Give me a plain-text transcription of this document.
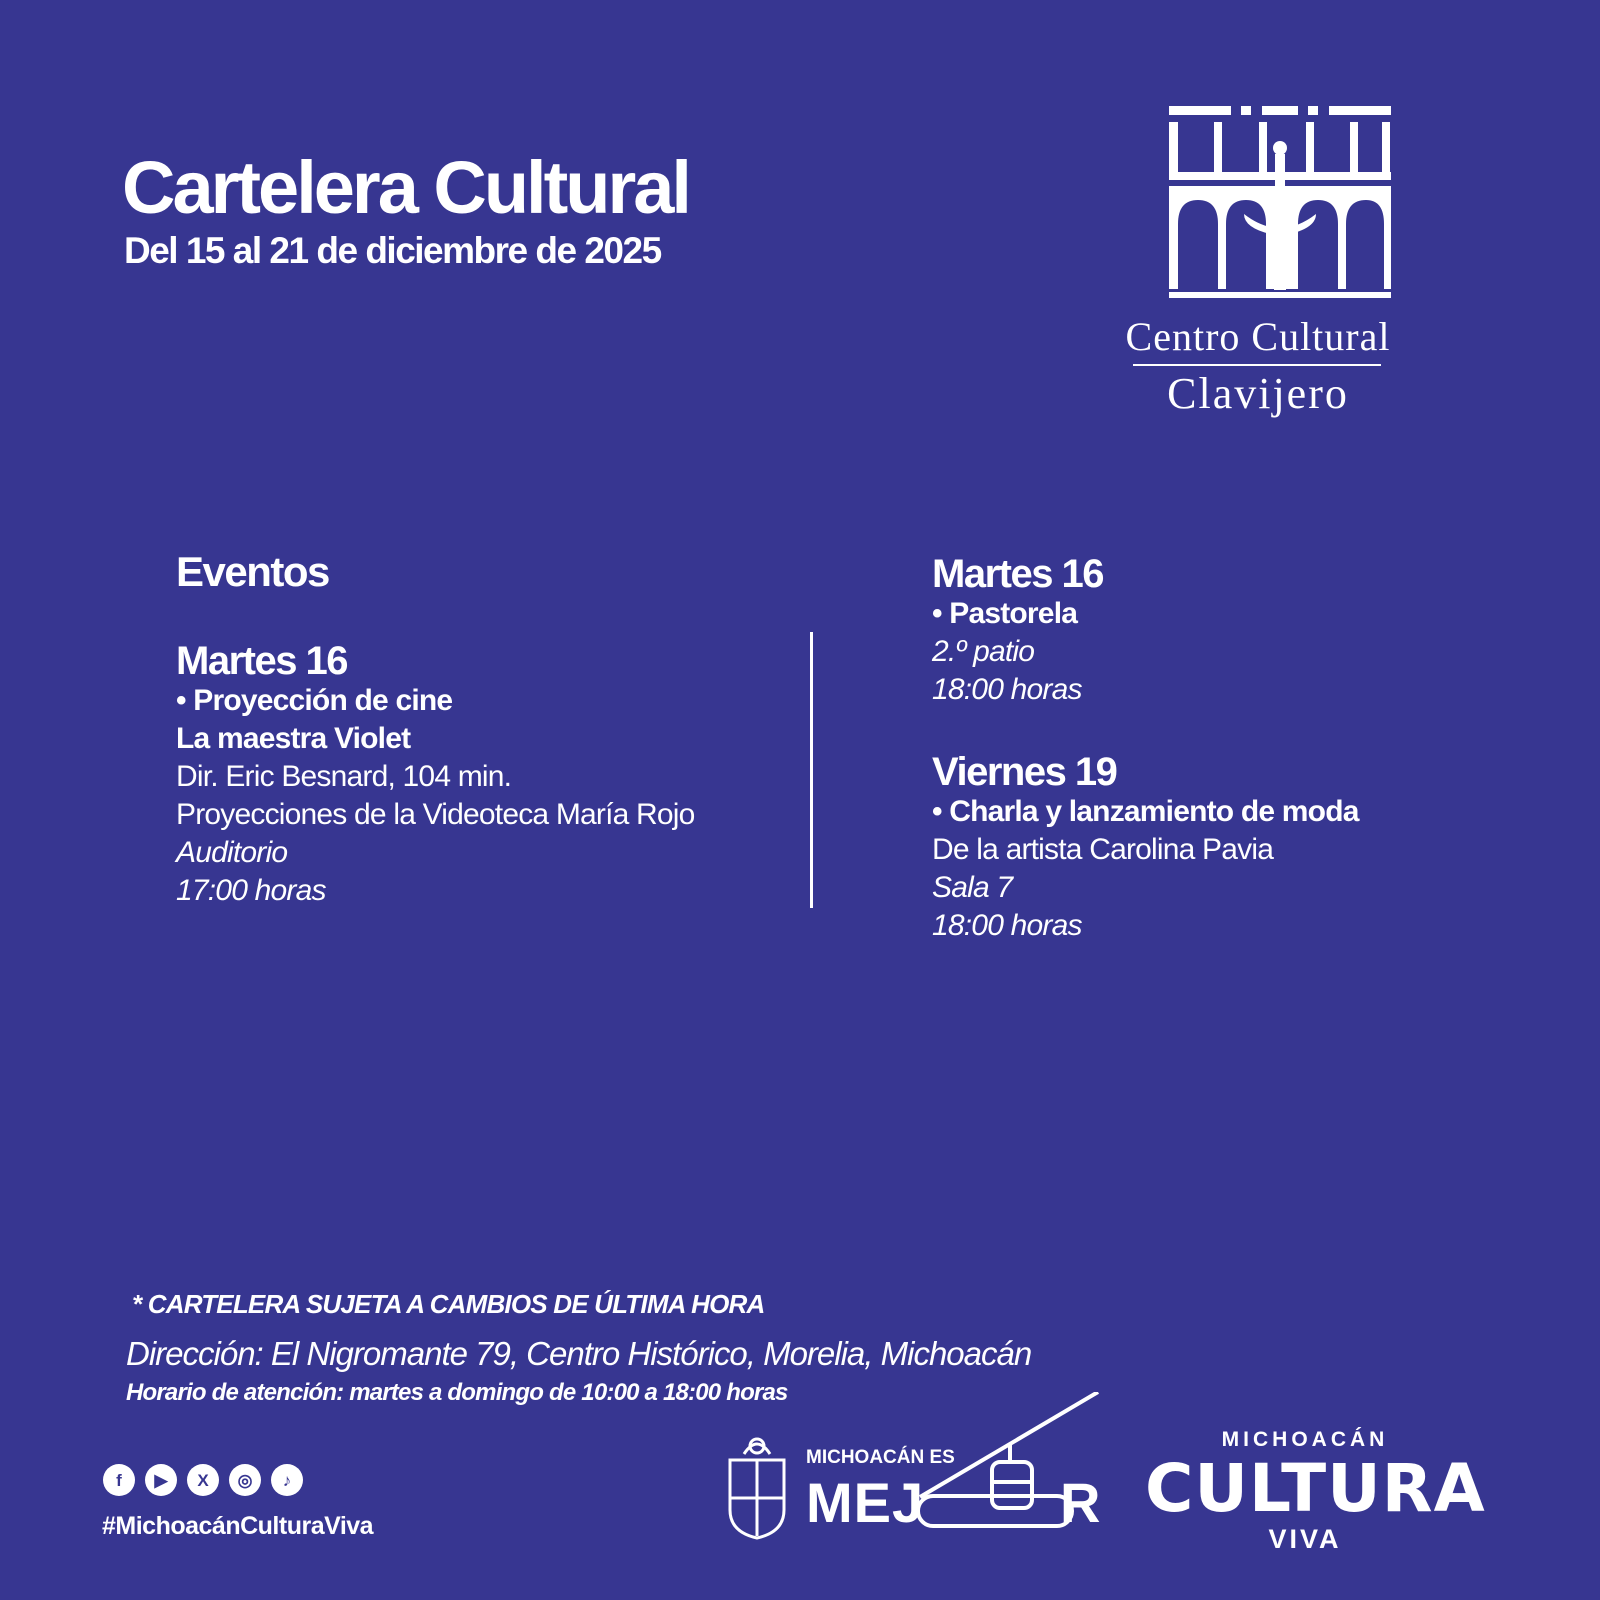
Cartelera Cultural
Del 15 al 21 de diciembre de 2025
Centro Cultural
Clavijero
Eventos
Martes 16
• Proyección de cine
La maestra Violet
Dir. Eric Besnard, 104 min.
Proyecciones de la Videoteca María Rojo
Auditorio
17:00 horas
Martes 16
• Pastorela
2.º patio
18:00 horas
Viernes 19
• Charla y lanzamiento de moda
De la artista Carolina Pavia
Sala 7
18:00 horas
* CARTELERA SUJETA A CAMBIOS DE ÚLTIMA HORA
Dirección: El Nigromante 79, Centro Histórico, Morelia, Michoacán
Horario de atención: martes a domingo de 10:00 a 18:00 horas
f	▶	X	◎	♪
#MichoacánCulturaViva
MICHOACÁN ES
MEJ R
MICHOACÁN
CULTURA
VIVA
